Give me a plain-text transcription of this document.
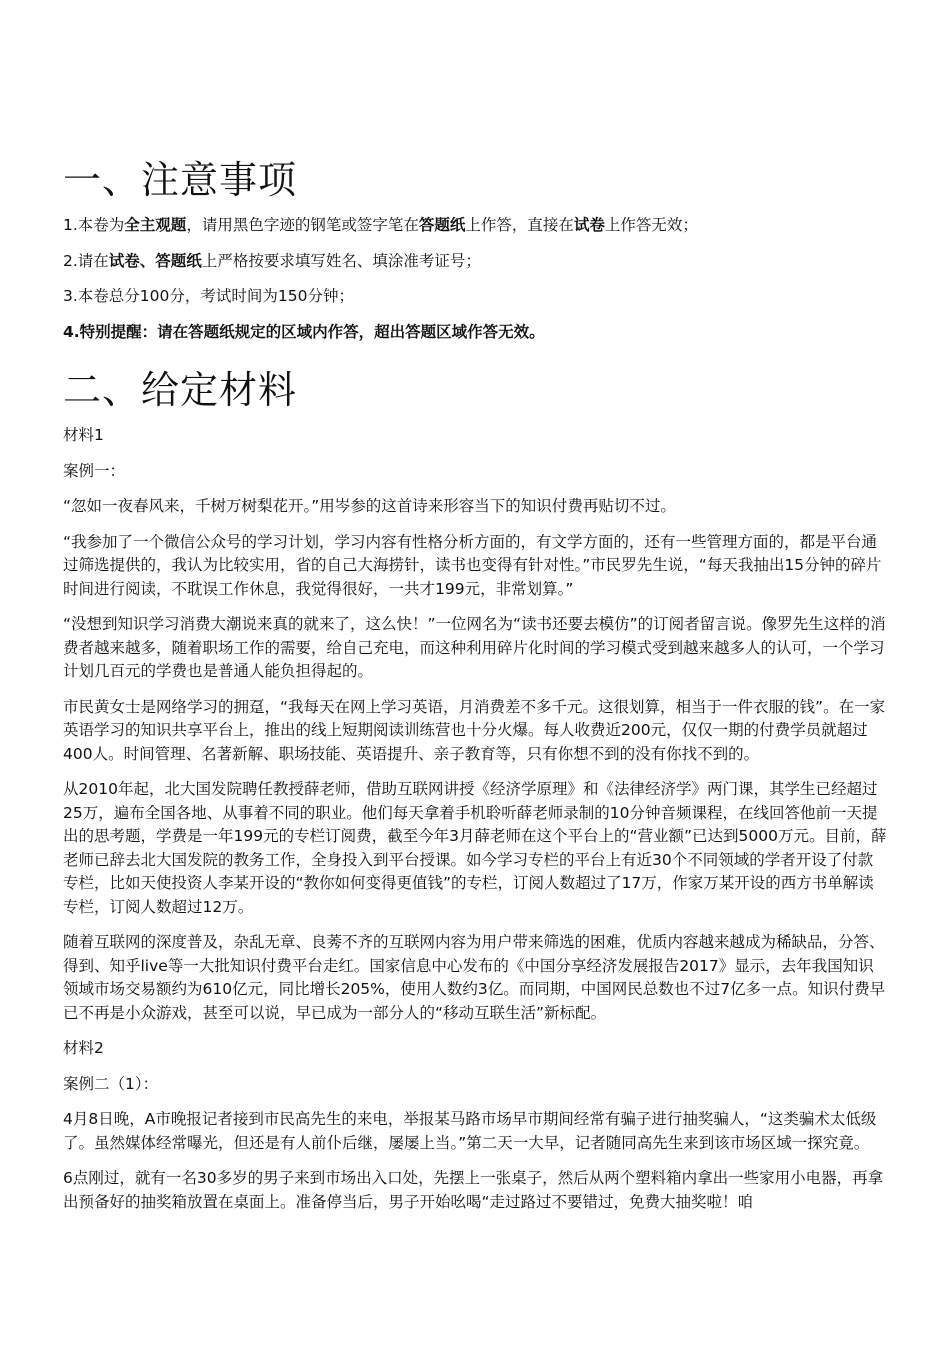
一、注意事项

1.本卷为全主观题，请用黑色字迹的钢笔或签字笔在答题纸上作答，直接在试卷上作答无效；

2.请在试卷、答题纸上严格按要求填写姓名、填涂准考证号；

3.本卷总分100分，考试时间为150分钟；

4.特别提醒：请在答题纸规定的区域内作答，超出答题区域作答无效。

二、给定材料

材料1

案例一：

“忽如一夜春风来，千树万树梨花开。”用岑参的这首诗来形容当下的知识付费再贴切不过。

“我参加了一个微信公众号的学习计划，学习内容有性格分析方面的，有文学方面的，还有一些管理方面的，都是平台通过筛选提供的，我认为比较实用，省的自己大海捞针，读书也变得有针对性。”市民罗先生说，“每天我抽出15分钟的碎片时间进行阅读，不耽误工作休息，我觉得很好，一共才199元，非常划算。”

“没想到知识学习消费大潮说来真的就来了，这么快！”一位网名为“读书还要去模仿”的订阅者留言说。像罗先生这样的消费者越来越多，随着职场工作的需要，给自己充电，而这种利用碎片化时间的学习模式受到越来越多人的认可，一个学习计划几百元的学费也是普通人能负担得起的。

市民黄女士是网络学习的拥趸，“我每天在网上学习英语，月消费差不多千元。这很划算，相当于一件衣服的钱”。在一家英语学习的知识共享平台上，推出的线上短期阅读训练营也十分火爆。每人收费近200元，仅仅一期的付费学员就超过400人。时间管理、名著新解、职场技能、英语提升、亲子教育等，只有你想不到的没有你找不到的。

从2010年起，北大国发院聘任教授薛老师，借助互联网讲授《经济学原理》和《法律经济学》两门课，其学生已经超过25万，遍布全国各地、从事着不同的职业。他们每天拿着手机聆听薛老师录制的10分钟音频课程，在线回答他前一天提出的思考题，学费是一年199元的专栏订阅费，截至今年3月薛老师在这个平台上的“营业额”已达到5000万元。目前，薛老师已辞去北大国发院的教务工作，全身投入到平台授课。如今学习专栏的平台上有近30个不同领域的学者开设了付款专栏，比如天使投资人李某开设的“教你如何变得更值钱”的专栏，订阅人数超过了17万，作家万某开设的西方书单解读专栏，订阅人数超过12万。

随着互联网的深度普及，杂乱无章、良莠不齐的互联网内容为用户带来筛选的困难，优质内容越来越成为稀缺品，分答、得到、知乎live等一大批知识付费平台走红。国家信息中心发布的《中国分享经济发展报告2017》显示，去年我国知识领域市场交易额约为610亿元，同比增长205%，使用人数约3亿。而同期，中国网民总数也不过7亿多一点。知识付费早已不再是小众游戏，甚至可以说，早已成为一部分人的“移动互联生活”新标配。

材料2

案例二（1）：

4月8日晚，A市晚报记者接到市民高先生的来电，举报某马路市场早市期间经常有骗子进行抽奖骗人，“这类骗术太低级了。虽然媒体经常曝光，但还是有人前仆后继，屡屡上当。”第二天一大早，记者随同高先生来到该市场区域一探究竟。

6点刚过，就有一名30多岁的男子来到市场出入口处，先摆上一张桌子，然后从两个塑料箱内拿出一些家用小电器，再拿出预备好的抽奖箱放置在桌面上。准备停当后，男子开始吆喝“走过路过不要错过，免费大抽奖啦！咱
